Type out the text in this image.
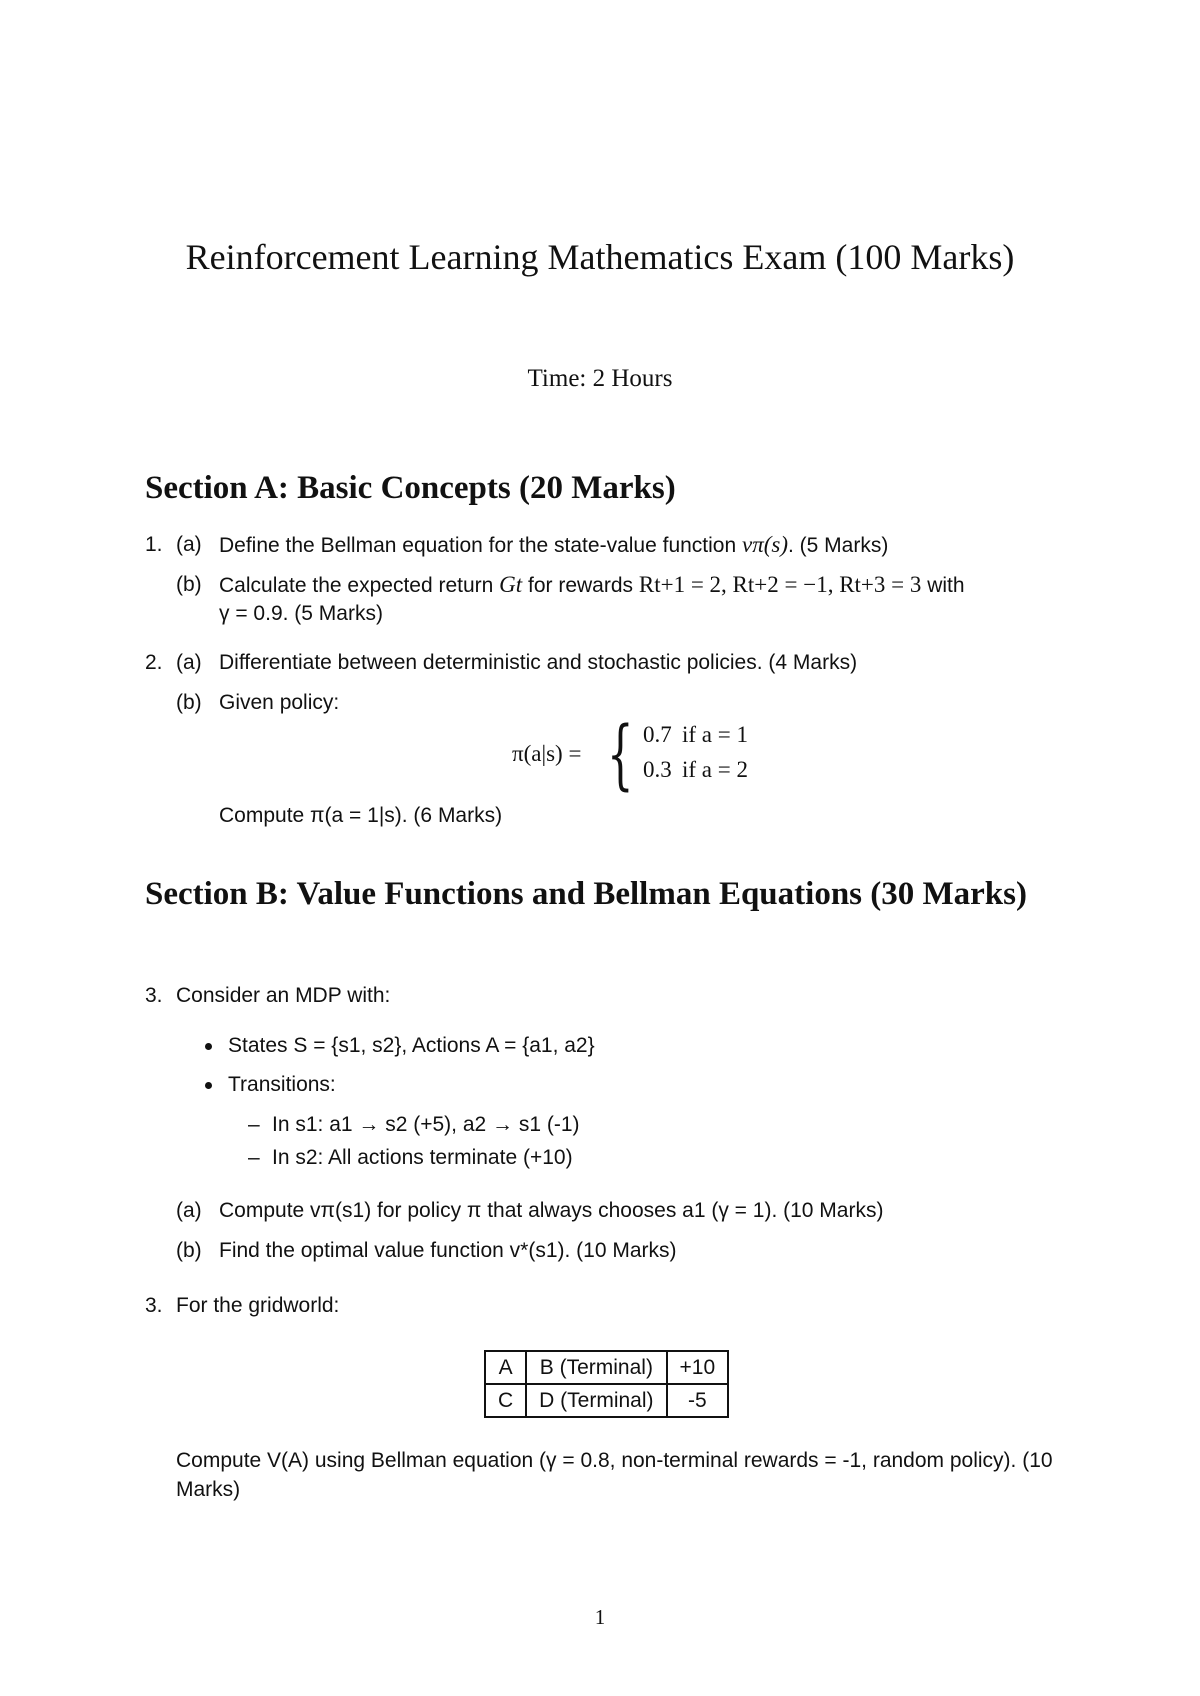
Reinforcement Learning Mathematics Exam (100 Marks)
Time: 2 Hours
Section A: Basic Concepts (20 Marks)
1. (a) Define the Bellman equation for the state-value function vπ(s). (5 Marks)
(b) Calculate the expected return Gt for rewards Rt+1 = 2, Rt+2 = −1, Rt+3 = 3 with
γ = 0.9. (5 Marks)
2. (a) Differentiate between deterministic and stochastic policies. (4 Marks)
(b) Given policy:
π(a|s) = { 0.7 if a = 1
0.3 if a = 2
Compute π(a = 1|s). (6 Marks)
Section B: Value Functions and Bellman Equations (30 Marks)
3. Consider an MDP with:
States S = {s1, s2}, Actions A = {a1, a2}
Transitions:
– In s1: a1 → s2 (+5), a2 → s1 (-1)
– In s2: All actions terminate (+10)
(a) Compute vπ(s1) for policy π that always chooses a1 (γ = 1). (10 Marks)
(b) Find the optimal value function v*(s1). (10 Marks)
3. For the gridworld:
A	B (Terminal)	+10
C	D (Terminal)	-5
Compute V(A) using Bellman equation (γ = 0.8, non-terminal rewards = -1, random policy). (10 Marks)
1
